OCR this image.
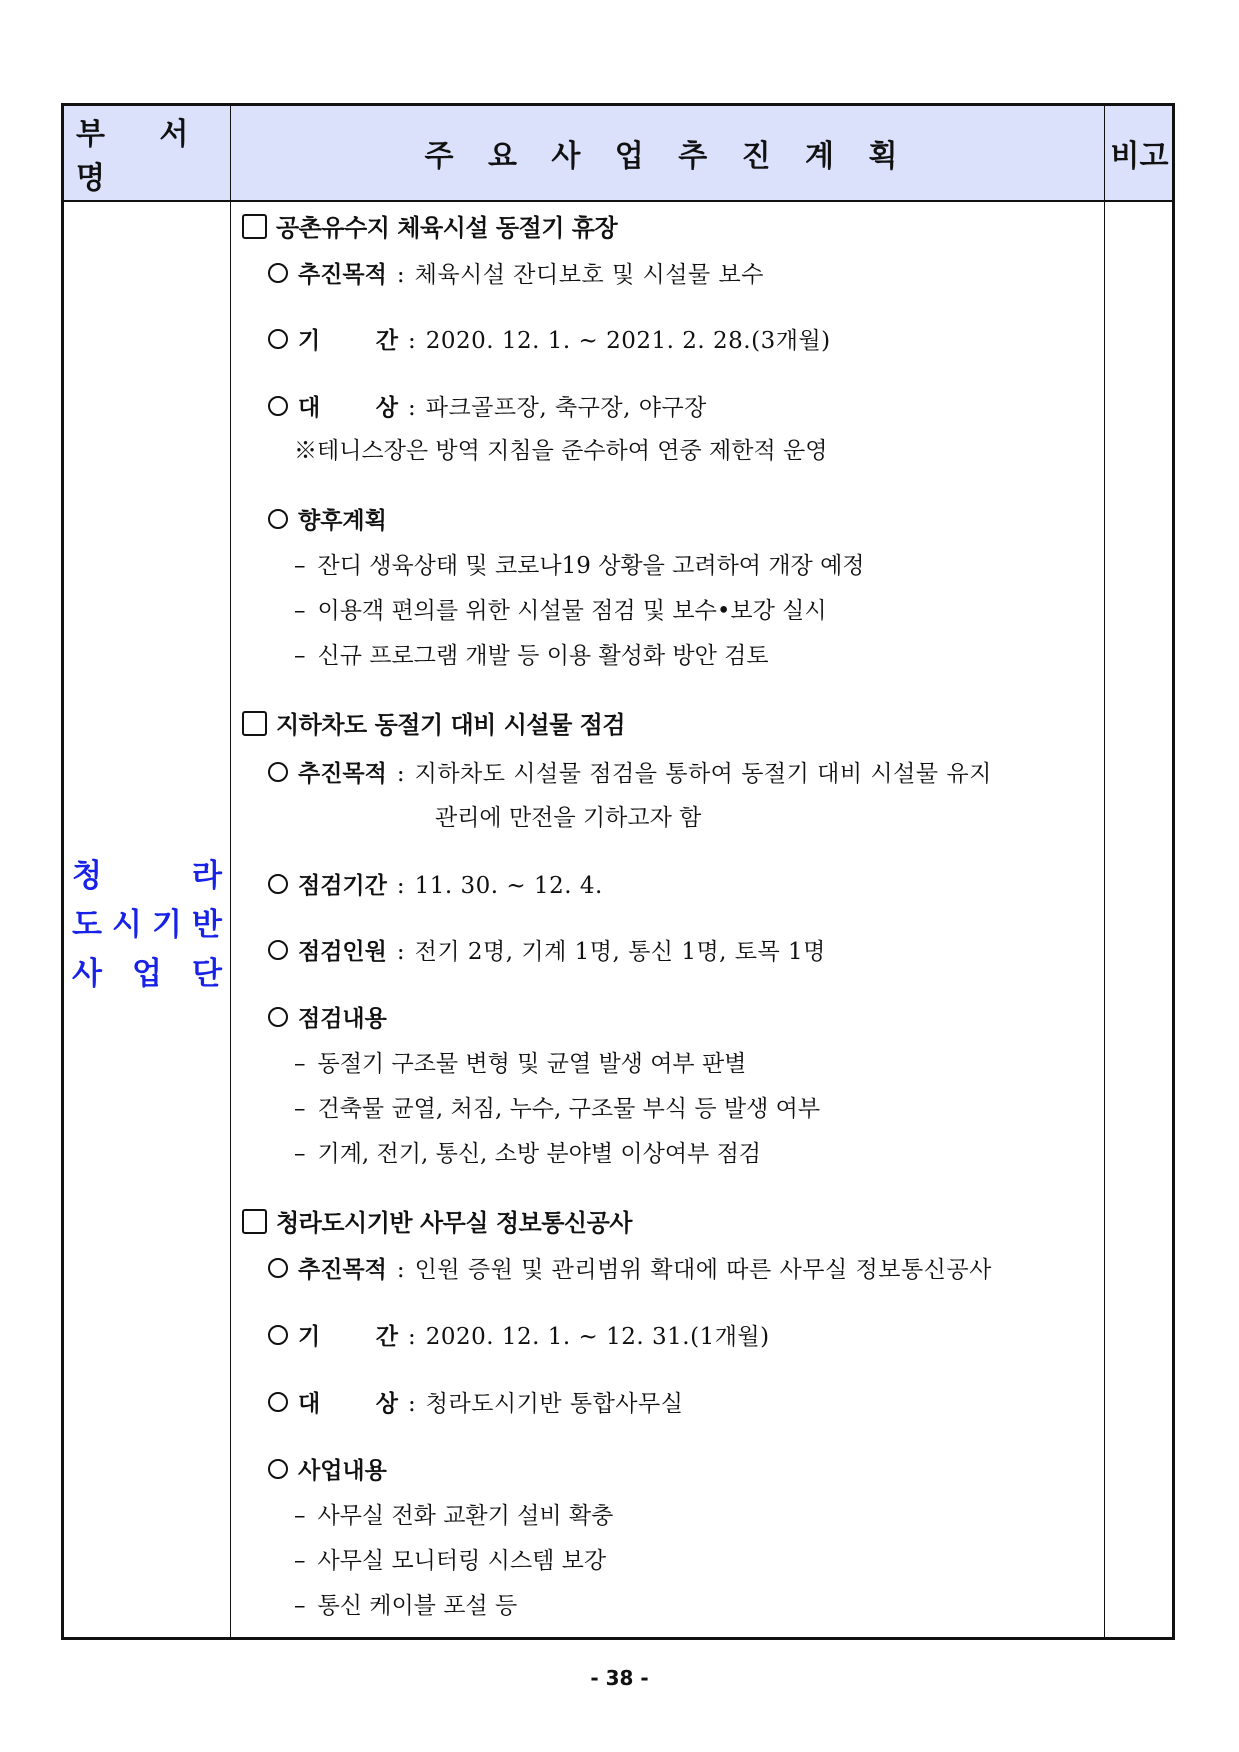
부 서 명
주 요 사 업 추 진 계 획	비고
청	라
도 시 기 반
사 업 단
공촌유수지 체육시설 동절기 휴장
추진목적 : 체육시설 잔디보호 및 시설물 보수
기 간 : 2020. 12. 1. ~ 2021. 2. 28.(3개월)
대 상 : 파크골프장, 축구장, 야구장
※테니스장은 방역 지침을 준수하여 연중 제한적 운영
향후계획
– 잔디 생육상태 및 코로나19 상황을 고려하여 개장 예정
– 이용객 편의를 위한 시설물 점검 및 보수•보강 실시
– 신규 프로그램 개발 등 이용 활성화 방안 검토
지하차도 동절기 대비 시설물 점검
추진목적 : 지하차도 시설물 점검을 통하여 동절기 대비 시설물 유지
관리에 만전을 기하고자 함
점검기간 : 11. 30. ~ 12. 4.
점검인원 : 전기 2명, 기계 1명, 통신 1명, 토목 1명
점검내용
– 동절기 구조물 변형 및 균열 발생 여부 판별
– 건축물 균열, 처짐, 누수, 구조물 부식 등 발생 여부
– 기계, 전기, 통신, 소방 분야별 이상여부 점검
청라도시기반 사무실 정보통신공사
추진목적 : 인원 증원 및 관리범위 확대에 따른 사무실 정보통신공사
기 간 : 2020. 12. 1. ~ 12. 31.(1개월)
대 상 : 청라도시기반 통합사무실
사업내용
– 사무실 전화 교환기 설비 확충
– 사무실 모니터링 시스템 보강
– 통신 케이블 포설 등
- 38 -
